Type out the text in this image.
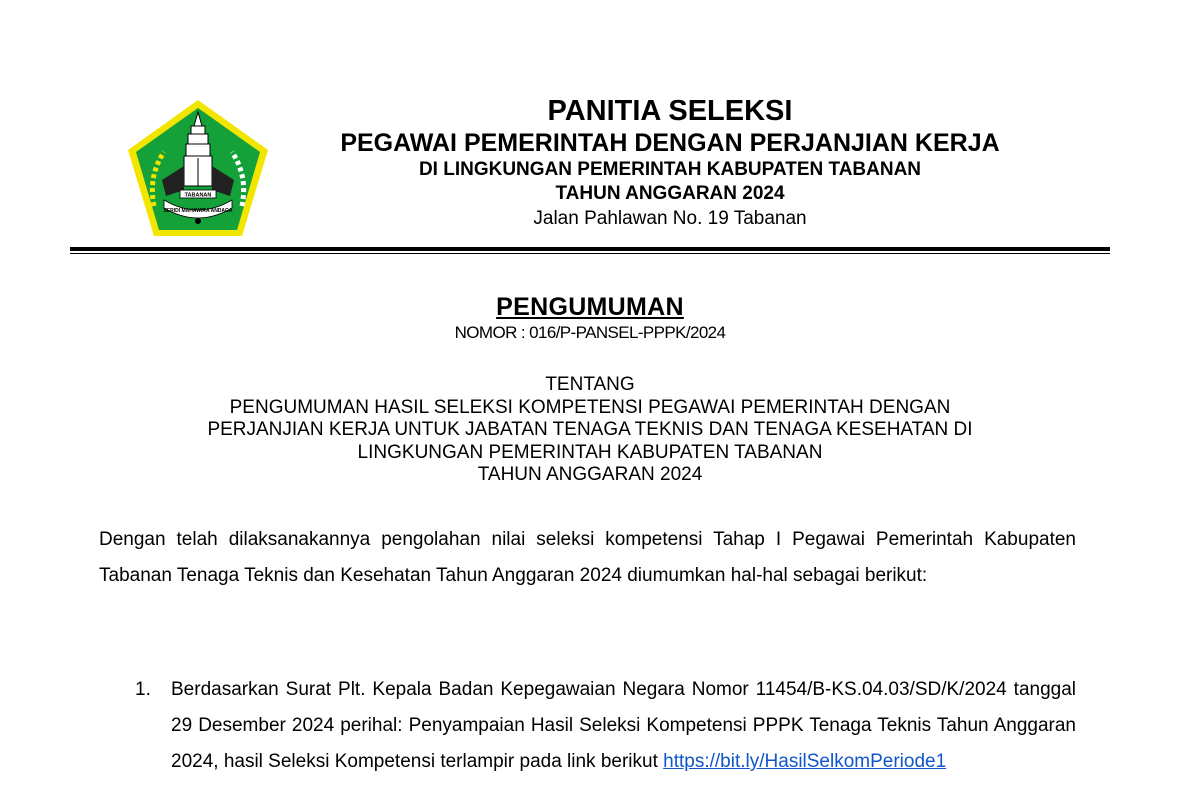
TABANAN
SERIDI MAHAWIRA ANDAGA
PANITIA SELEKSI
PEGAWAI PEMERINTAH DENGAN PERJANJIAN KERJA
DI LINGKUNGAN PEMERINTAH KABUPATEN TABANAN
TAHUN ANGGARAN 2024
Jalan Pahlawan No. 19 Tabanan
PENGUMUMAN
NOMOR : 016/P-PANSEL-PPPK/2024
TENTANG
PENGUMUMAN HASIL SELEKSI KOMPETENSI PEGAWAI PEMERINTAH DENGAN
PERJANJIAN KERJA UNTUK JABATAN TENAGA TEKNIS DAN TENAGA KESEHATAN DI
LINGKUNGAN PEMERINTAH KABUPATEN TABANAN
TAHUN ANGGARAN 2024
Dengan telah dilaksanakannya pengolahan nilai seleksi kompetensi Tahap I Pegawai Pemerintah Kabupaten Tabanan Tenaga Teknis dan Kesehatan Tahun Anggaran 2024 diumumkan hal-hal sebagai berikut:
1. Berdasarkan Surat Plt. Kepala Badan Kepegawaian Negara Nomor 11454/B-KS.04.03/SD/K/2024 tanggal 29 Desember 2024 perihal: Penyampaian Hasil Seleksi Kompetensi PPPK Tenaga Teknis Tahun Anggaran 2024, hasil Seleksi Kompetensi terlampir pada link berikut https://bit.ly/HasilSelkomPeriode1
